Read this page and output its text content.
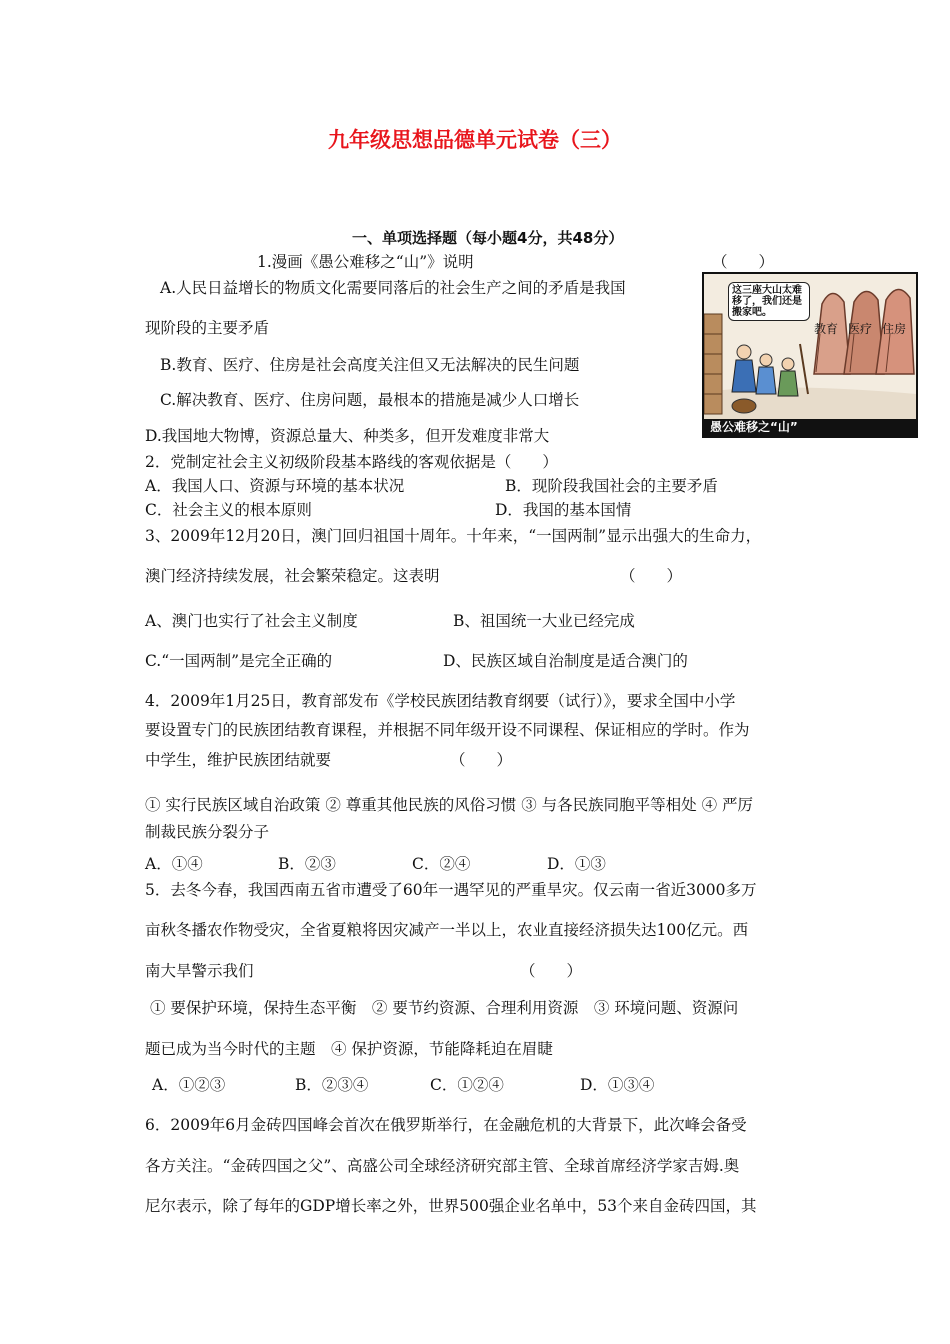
九年级思想品德单元试卷（三）
一、单项选择题（每小题4分，共48分）
1.漫画《愚公难移之“山”》说明	（　　）
A.人民日益增长的物质文化需要同落后的社会生产之间的矛盾是我国
现阶段的主要矛盾
B.教育、医疗、住房是社会高度关注但又无法解决的民生问题
C.解决教育、医疗、住房问题，最根本的措施是减少人口增长
D.我国地大物博，资源总量大、种类多，但开发难度非常大
这三座大山太难移了，我们还是搬家吧。
教育 医疗 住房
愚公难移之“山”
2．党制定社会主义初级阶段基本路线的客观依据是（　　）
A．我国人口、资源与环境的基本状况	B．现阶段我国社会的主要矛盾
C．社会主义的根本原则	D．我国的基本国情
3、2009年12月20日，澳门回归祖国十周年。十年来，“一国两制”显示出强大的生命力，
澳门经济持续发展，社会繁荣稳定。这表明	（　　）
A、澳门也实行了社会主义制度	B、祖国统一大业已经完成
C.“一国两制”是完全正确的	D、民族区域自治制度是适合澳门的
4．2009年1月25日，教育部发布《学校民族团结教育纲要（试行）》，要求全国中小学
要设置专门的民族团结教育课程，并根据不同年级开设不同课程、保证相应的学时。作为
中学生，维护民族团结就要	（　　）
① 实行民族区域自治政策 ② 尊重其他民族的风俗习惯 ③ 与各民族同胞平等相处 ④ 严厉
制裁民族分裂分子
A．①④	B．②③	C．②④	D．①③
5．去冬今春，我国西南五省市遭受了60年一遇罕见的严重旱灾。仅云南一省近3000多万
亩秋冬播农作物受灾，全省夏粮将因灾减产一半以上，农业直接经济损失达100亿元。西
南大旱警示我们	（　　）
① 要保护环境，保持生态平衡　② 要节约资源、合理利用资源　③ 环境问题、资源问
题已成为当今时代的主题　④ 保护资源，节能降耗迫在眉睫
A．①②③	B．②③④	C．①②④	D．①③④
6．2009年6月金砖四国峰会首次在俄罗斯举行，在金融危机的大背景下，此次峰会备受
各方关注。“金砖四国之父”、高盛公司全球经济研究部主管、全球首席经济学家吉姆.奥
尼尔表示，除了每年的GDP增长率之外，世界500强企业名单中，53个来自金砖四国，其
